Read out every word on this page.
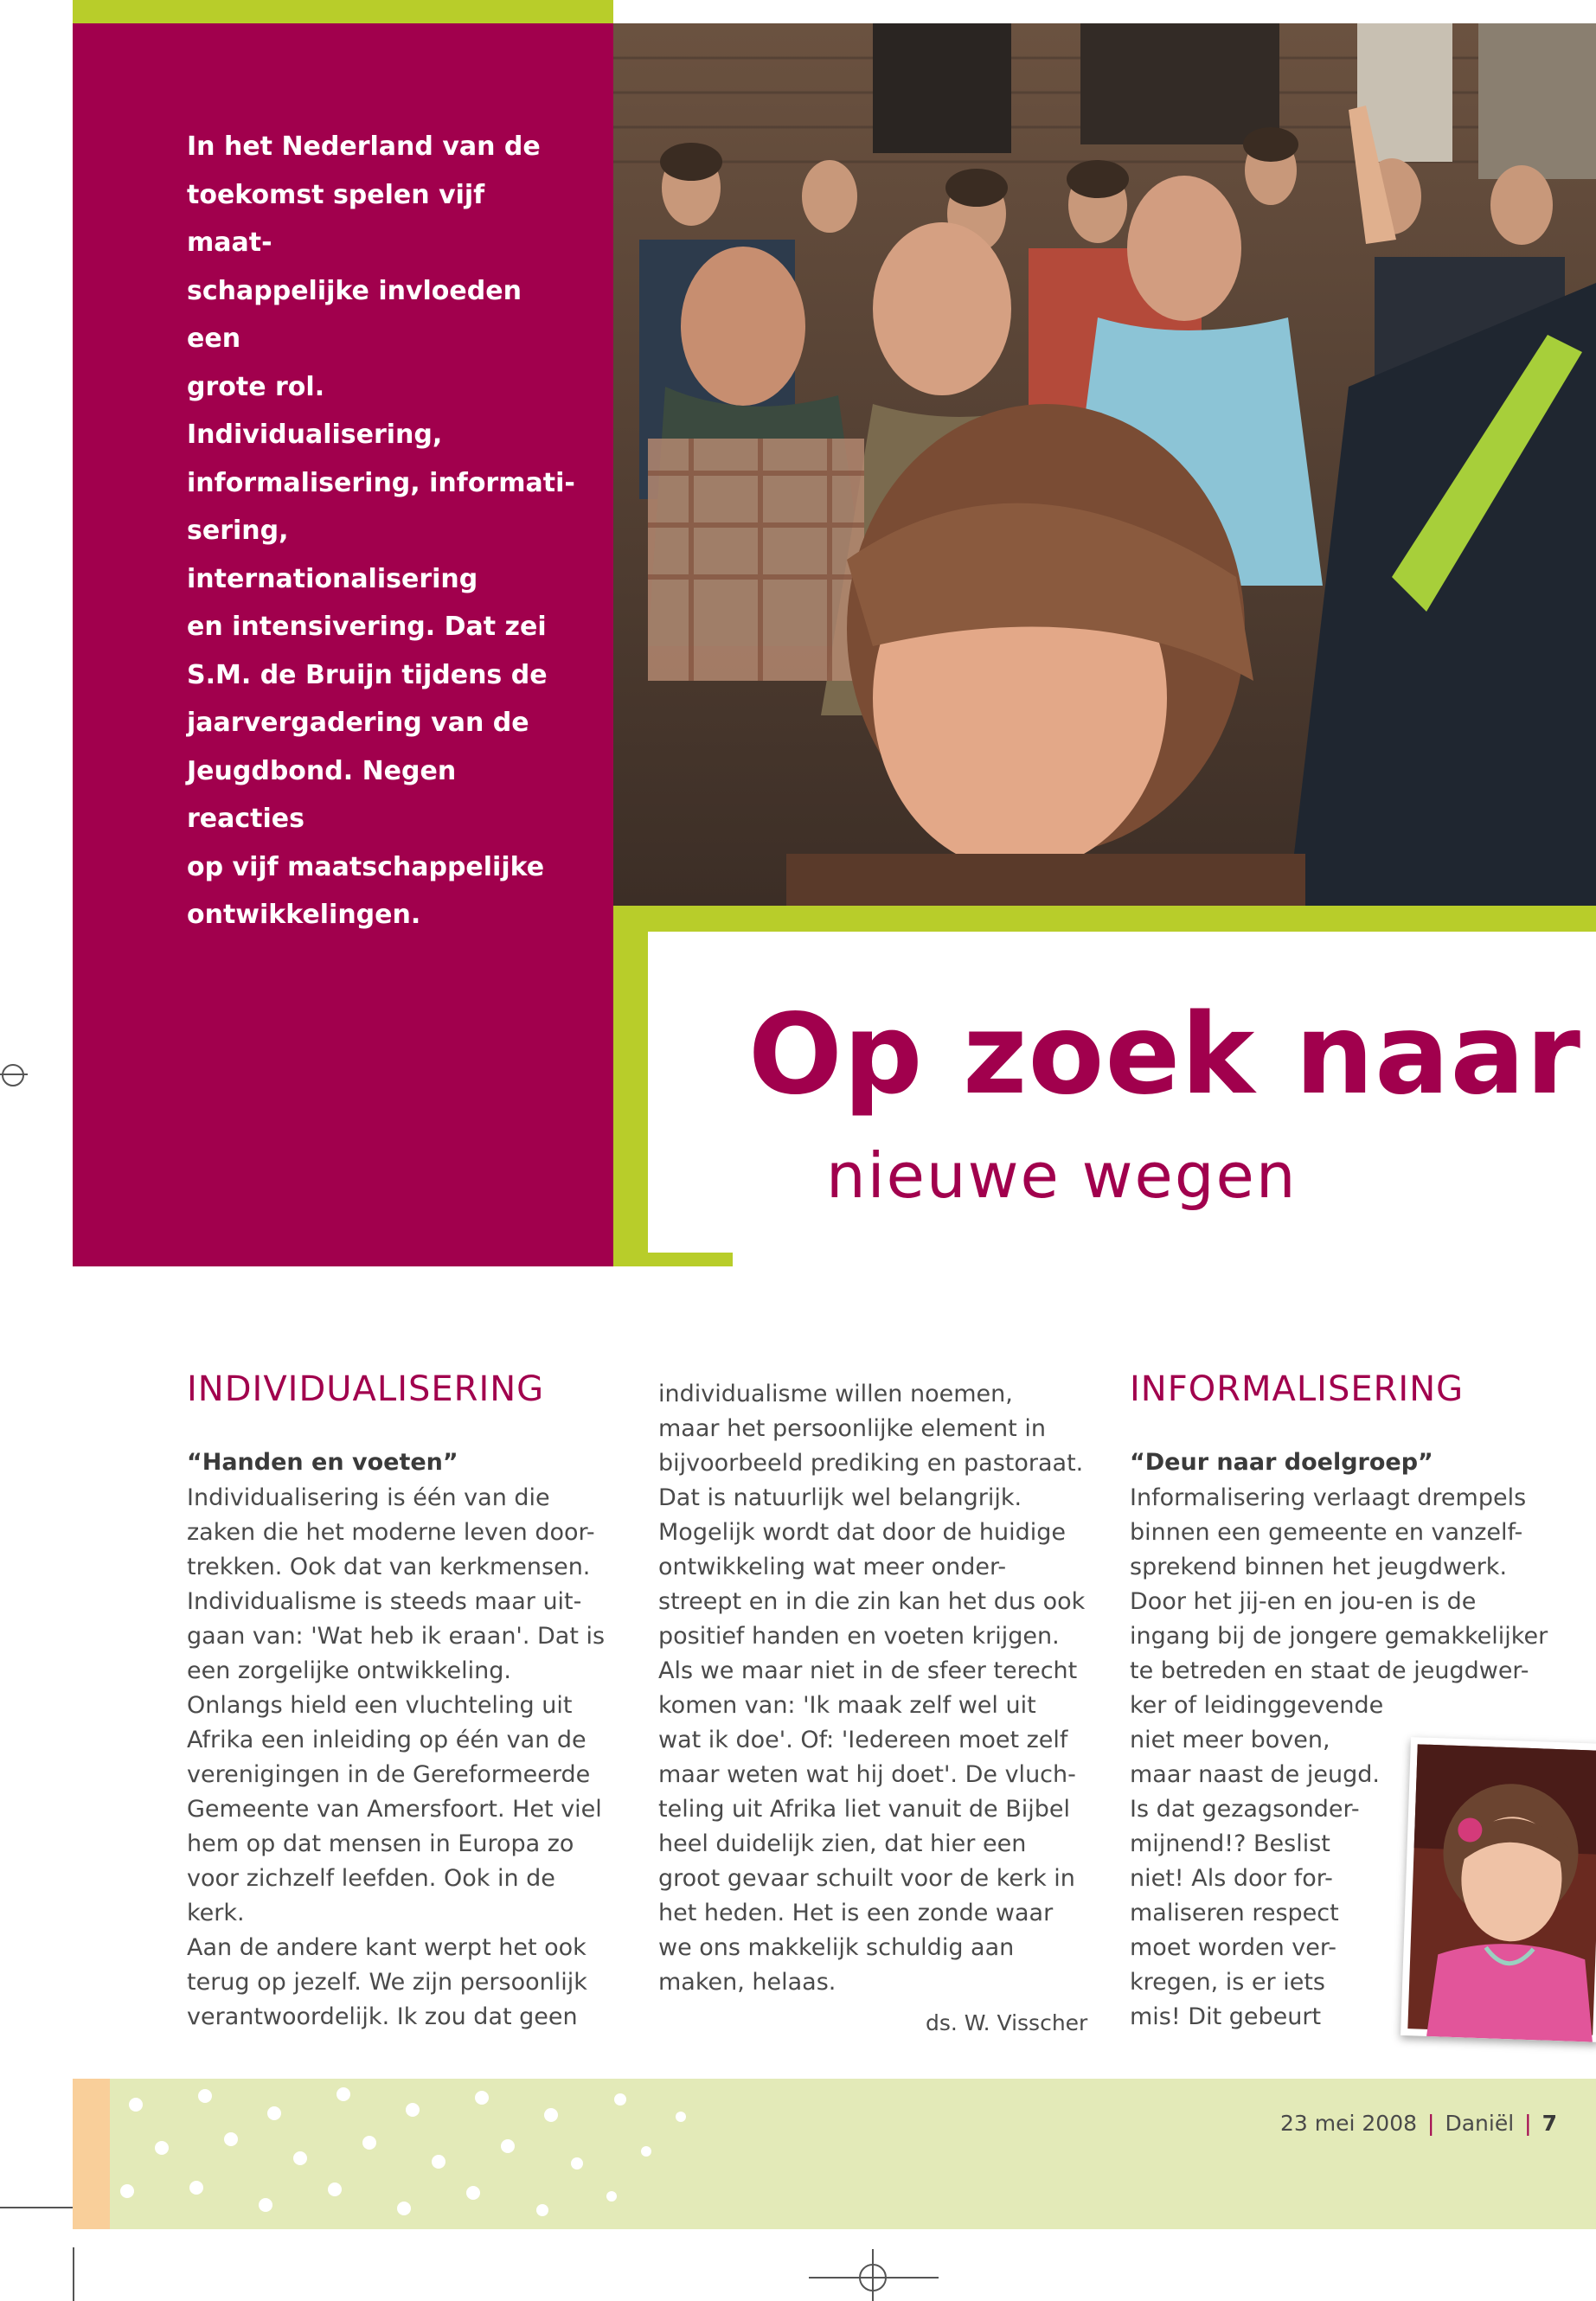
In het Nederland van de
toekomst spelen vijf maat-
schappelijke invloeden een
grote rol. Individualisering,
informalisering, informati-
sering, internationalisering
en intensivering. Dat zei
S.M. de Bruijn tijdens de
jaarvergadering van de
Jeugdbond. Negen reacties
op vijf maatschappelijke
ontwikkelingen.

Op zoek naar
nieuwe wegen
INDIVIDUALISERING
“Handen en voeten”

Individualisering is één van die
zaken die het moderne leven door-
trekken. Ook dat van kerkmensen.
Individualisme is steeds maar uit-
gaan van: 'Wat heb ik eraan'. Dat is
een zorgelijke ontwikkeling.
Onlangs hield een vluchteling uit
Afrika een inleiding op één van de
verenigingen in de Gereformeerde
Gemeente van Amersfoort. Het viel
hem op dat mensen in Europa zo
voor zichzelf leefden. Ook in de
kerk.
Aan de andere kant werpt het ook
terug op jezelf. We zijn persoonlijk
verantwoordelijk. Ik zou dat geen

individualisme willen noemen,
maar het persoonlijke element in
bijvoorbeeld prediking en pastoraat.
Dat is natuurlijk wel belangrijk.
Mogelijk wordt dat door de huidige
ontwikkeling wat meer onder-
streept en in die zin kan het dus ook
positief handen en voeten krijgen.
Als we maar niet in de sfeer terecht
komen van: 'Ik maak zelf wel uit
wat ik doe'. Of: 'Iedereen moet zelf
maar weten wat hij doet'. De vluch-
teling uit Afrika liet vanuit de Bijbel
heel duidelijk zien, dat hier een
groot gevaar schuilt voor de kerk in
het heden. Het is een zonde waar
we ons makkelijk schuldig aan
maken, helaas.

ds. W. Visscher
INFORMALISERING
“Deur naar doelgroep”

Informalisering verlaagt drempels
binnen een gemeente en vanzelf-
sprekend binnen het jeugdwerk.
Door het jij-en en jou-en is de
ingang bij de jongere gemakkelijker
te betreden en staat de jeugdwer-
ker of leidinggevende
niet meer boven,
maar naast de jeugd.
Is dat gezagsonder-
mijnend!? Beslist
niet! Als door for-
maliseren respect
moet worden ver-
kregen, is er iets
mis! Dit gebeurt

23 mei 2008 | Daniël | 7
